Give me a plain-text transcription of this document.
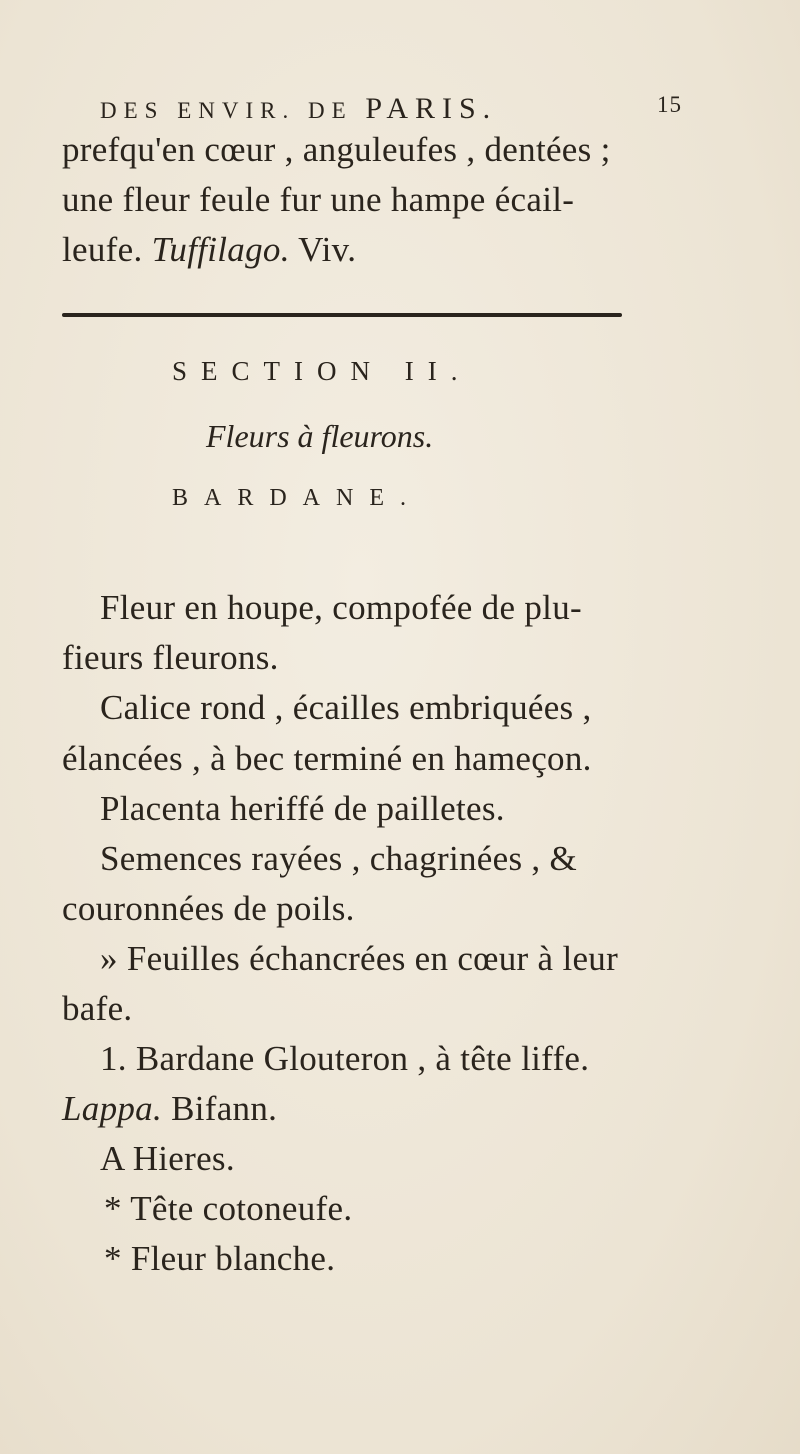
DES ENVIR. DE PARIS.	15
prefqu'en cœur , anguleufes , dentées ;
une fleur feule fur une hampe écail-
leufe. Tuffilago. Viv.
SECTION II.
Fleurs à fleurons.
BARDANE.
Fleur en houpe, compofée de plu-
fieurs fleurons.
Calice rond , écailles embriquées ,
élancées , à bec terminé en hameçon.
Placenta heriffé de pailletes.
Semences rayées , chagrinées , &
couronnées de poils.
» Feuilles échancrées en cœur à leur
bafe.
1. Bardane Glouteron , à tête liffe.
Lappa. Bifann.
A Hieres.
* Tête cotoneufe.
* Fleur blanche.
